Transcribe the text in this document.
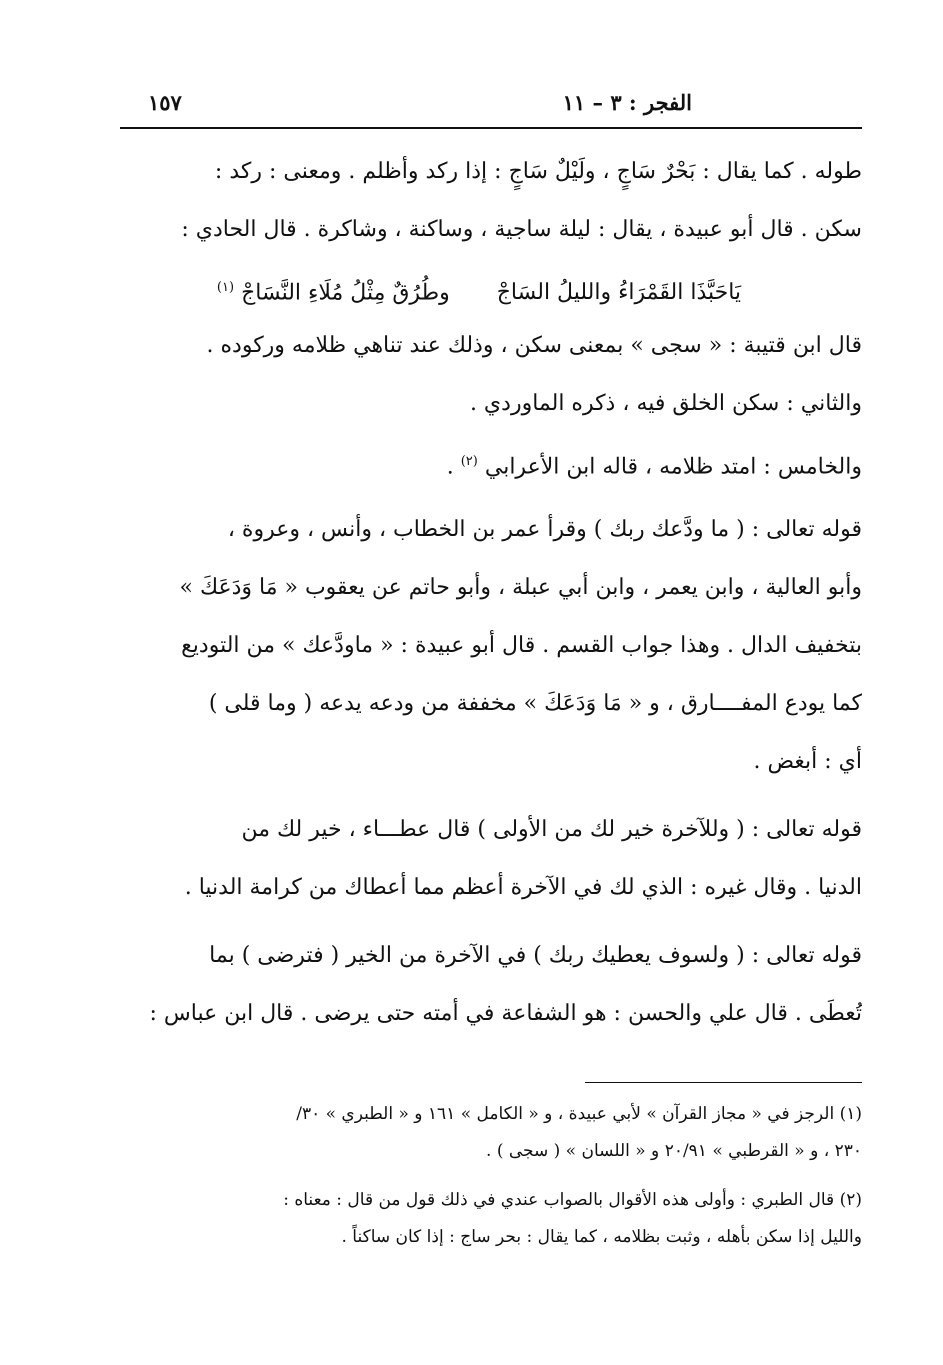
الفجر : ٣ – ١١
١٥٧
طوله . كما يقال : بَحْرٌ سَاجٍ ، ولَيْلٌ سَاجٍ : إذا ركد وأظلم . ومعنى : ركد :
سكن . قال أبو عبيدة ، يقال : ليلة ساجية ، وساكنة ، وشاكرة . قال الحادي :
يَاحَبَّذَا القَمْرَاءُ والليلُ السَاجْ وطُرُقٌ مِثْلُ مُلَاءِ النَّسَاجْ $^{(١)}$
قال ابن قتيبة : « سجى » بمعنى سكن ، وذلك عند تناهي ظلامه وركوده .
والثاني : سكن الخلق فيه ، ذكره الماوردي .
والخامس : امتد ظلامه ، قاله ابن الأعرابي $^{(٢)}$ .
قوله تعالى : ( ما ودَّعك ربك ) وقرأ عمر بن الخطاب ، وأنس ، وعروة ،
وأبو العالية ، وابن يعمر ، وابن أبي عبلة ، وأبو حاتم عن يعقوب « مَا وَدَعَكَ »
بتخفيف الدال . وهذا جواب القسم . قال أبو عبيدة : « ماودَّعك » من التوديع
كما يودع المفــــارق ، و « مَا وَدَعَكَ » مخففة من ودعه يدعه ( وما قلى )
أي : أبغض .
قوله تعالى : ( وللآخرة خير لك من الأولى ) قال عطـــاء ، خير لك من
الدنيا . وقال غيره : الذي لك في الآخرة أعظم مما أعطاك من كرامة الدنيا .
قوله تعالى : ( ولسوف يعطيك ربك ) في الآخرة من الخير ( فترضى ) بما
تُعطَى . قال علي والحسن : هو الشفاعة في أمته حتى يرضى . قال ابن عباس :
(١) الرجز في « مجاز القرآن » لأبي عبيدة ، و « الكامل » ١٦١ و « الطبري » ٣٠/
٢٣٠ ، و « القرطبي » ٢٠/٩١ و « اللسان » ( سجى ) .
(٢) قال الطبري : وأولى هذه الأقوال بالصواب عندي في ذلك قول من قال : معناه :
والليل إذا سكن بأهله ، وثبت بظلامه ، كما يقال : بحر ساج : إذا كان ساكناً .
